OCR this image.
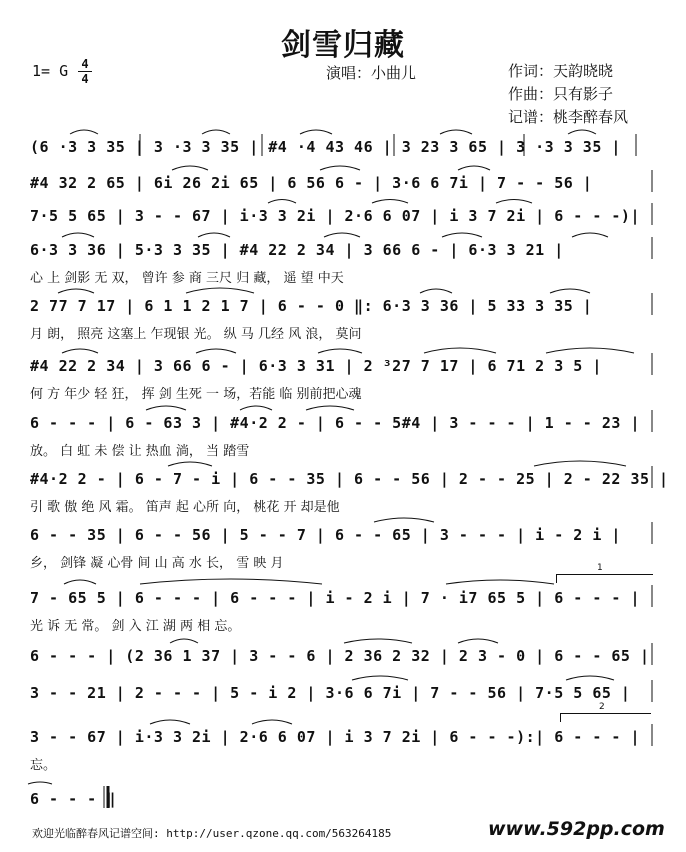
剑雪归藏
1= G 4
4	演唱：小曲儿	作词：天韵晓晓
作曲：只有影子
记谱：桃李醉春风
(6 ·3 3 35 | 3 ·3 3 35 | #4 ·4 43 46 | 3 23 3 65 | 3 ·3 3 35 |
#4 32 2 65 | 6i 26 2i 65 | 6 56 6 - | 3·6 6 7i | 7 - - 56 |
7·5 5 65 | 3 - - 67 | i·3 3 2i | 2·6 6 07 | i 3 7 2i | 6 - - -)|
6·3 3 36 | 5·3 3 35 | #4 22 2 34 | 3 66 6 - | 6·3 3 21 |
心 上 剑影 无 双， 曾许 参 商 三尺 归 藏， 遥 望 中天
2 77 7 17 | 6 1 1 2 1 7 | 6 - - 0 ‖: 6·3 3 36 | 5 33 3 35 |
月 朗， 照亮 这塞上 乍现银 光。 纵 马 几经 风 浪， 莫问
#4 22 2 34 | 3 66 6 - | 6·3 3 31 | 2 ³27 7 17 | 6 71 2 3 5 |
何 方 年少 轻 狂， 挥 剑 生死 一 场，若能 临 别前把心魂
6 - - - | 6 - 63 3 | #4·2 2 - | 6 - - 5#4 | 3 - - - | 1 - - 23 |
放。 白 虹 未 偿 让 热血 淌， 当 踏雪
#4·2 2 - | 6 - 7 - i | 6 - - 35 | 6 - - 56 | 2 - - 25 | 2 - 22 35 |
引 歌 傲 绝 风 霜。 笛声 起 心所 向， 桃花 开 却是他
6 - - 35 | 6 - - 56 | 5 - - 7 | 6 - - 65 | 3 - - - | i - 2 i |
乡， 剑锋 凝 心骨 间 山 高 水 长， 雪 映 月
7 - 65 5 | 6 - - - | 6 - - - | i - 2 i | 7 · i7 65 5 | 6 - - - |
光 诉 无 常。 剑 入 江 湖 两 相 忘。
6 - - - | (2 36 1 37 | 3 - - 6 | 2 36 2 32 | 2 3 - 0 | 6 - - 65 |
3 - - 21 | 2 - - - | 5 - i 2 | 3·6 6 7i | 7 - - 56 | 7·5 5 65 |
3 - - 67 | i·3 3 2i | 2·6 6 07 | i 3 7 2i | 6 - - -):| 6 - - - |
忘。
6 - - - ‖
1
2
欢迎光临醉春风记谱空间: http://user.qzone.qq.com/563264185	www.592pp.com
